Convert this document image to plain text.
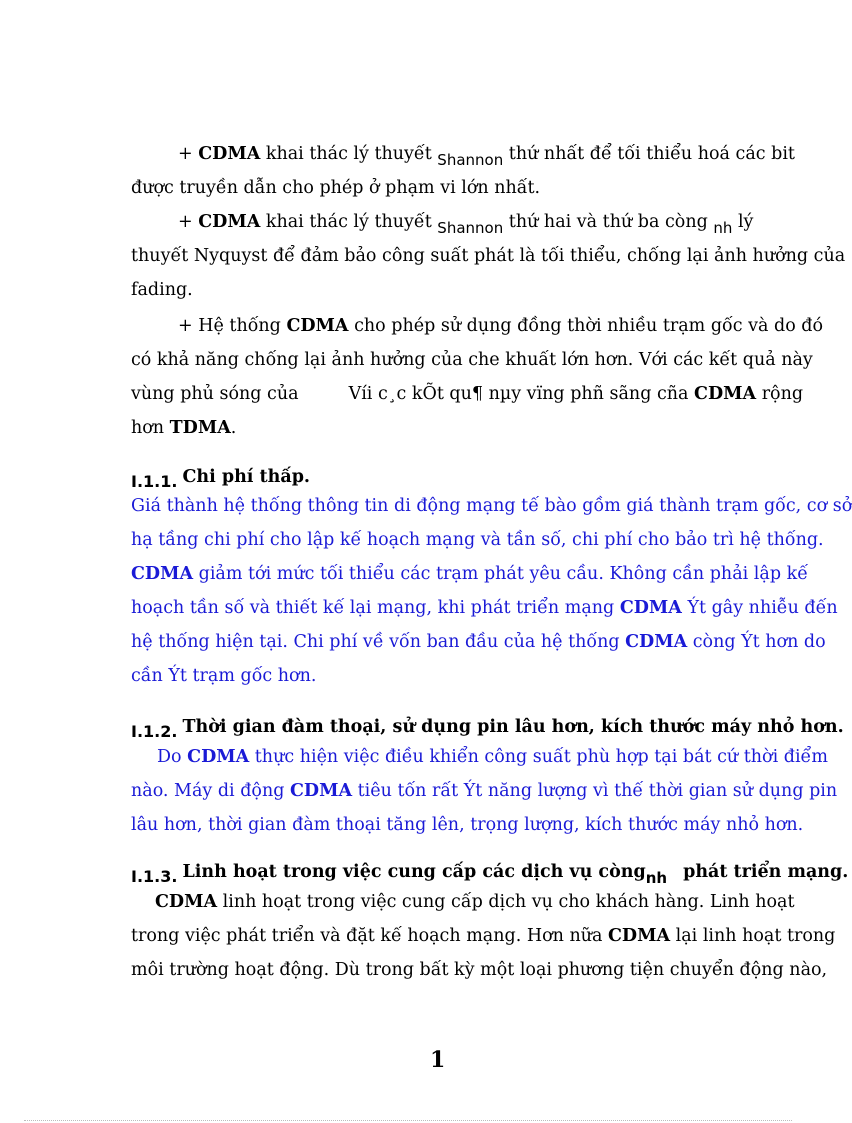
+ CDMA khai thác lý thuyết Shannon thứ nhất để tối thiểu hoá các bit
được truyền dẫn cho phép ở phạm vi lớn nhất.

+ CDMA khai thác lý thuyết Shannon thứ hai và thứ ba còng nh lý
thuyết Nyquyst để đảm bảo công suất phát là tối thiểu, chống lại ảnh hưởng của
fading.

+ Hệ thống CDMA cho phép sử dụng đồng thời nhiều trạm gốc và do đó
có khả năng chống lại ảnh hưởng của che khuất lớn hơn. Với các kết quả này
vùng phủ sóng của	Víi c¸c kÕt qu¶ nµy vïng phñ sãng cña CDMA rộng
hơn TDMA.

I.1.1. Chi phí thấp.

Giá thành hệ thống thông tin di động mạng tế bào gồm giá thành trạm gốc, cơ sở
hạ tầng chi phí cho lập kế hoạch mạng và tần số, chi phí cho bảo trì hệ thống.
CDMA giảm tới mức tối thiểu các trạm phát yêu cầu. Không cần phải lập kế
hoạch tần số và thiết kế lại mạng, khi phát triển mạng CDMA Ýt gây nhiễu đến
hệ thống hiện tại. Chi phí về vốn ban đầu của hệ thống CDMA còng Ýt hơn do
cần Ýt trạm gốc hơn.

I.1.2. Thời gian đàm thoại, sử dụng pin lâu hơn, kích thước máy nhỏ hơn.

Do CDMA thực hiện việc điều khiển công suất phù hợp tại bát cứ thời điểm
nào. Máy di động CDMA tiêu tốn rất Ýt năng lượng vì thế thời gian sử dụng pin
lâu hơn, thời gian đàm thoại tăng lên, trọng lượng, kích thước máy nhỏ hơn.

I.1.3. Linh hoạt trong việc cung cấp các dịch vụ còngnh phát triển mạng.

CDMA linh hoạt trong việc cung cấp dịch vụ cho khách hàng. Linh hoạt
trong việc phát triển và đặt kế hoạch mạng. Hơn nữa CDMA lại linh hoạt trong
môi trường hoạt động. Dù trong bất kỳ một loại phương tiện chuyển động nào,

1
